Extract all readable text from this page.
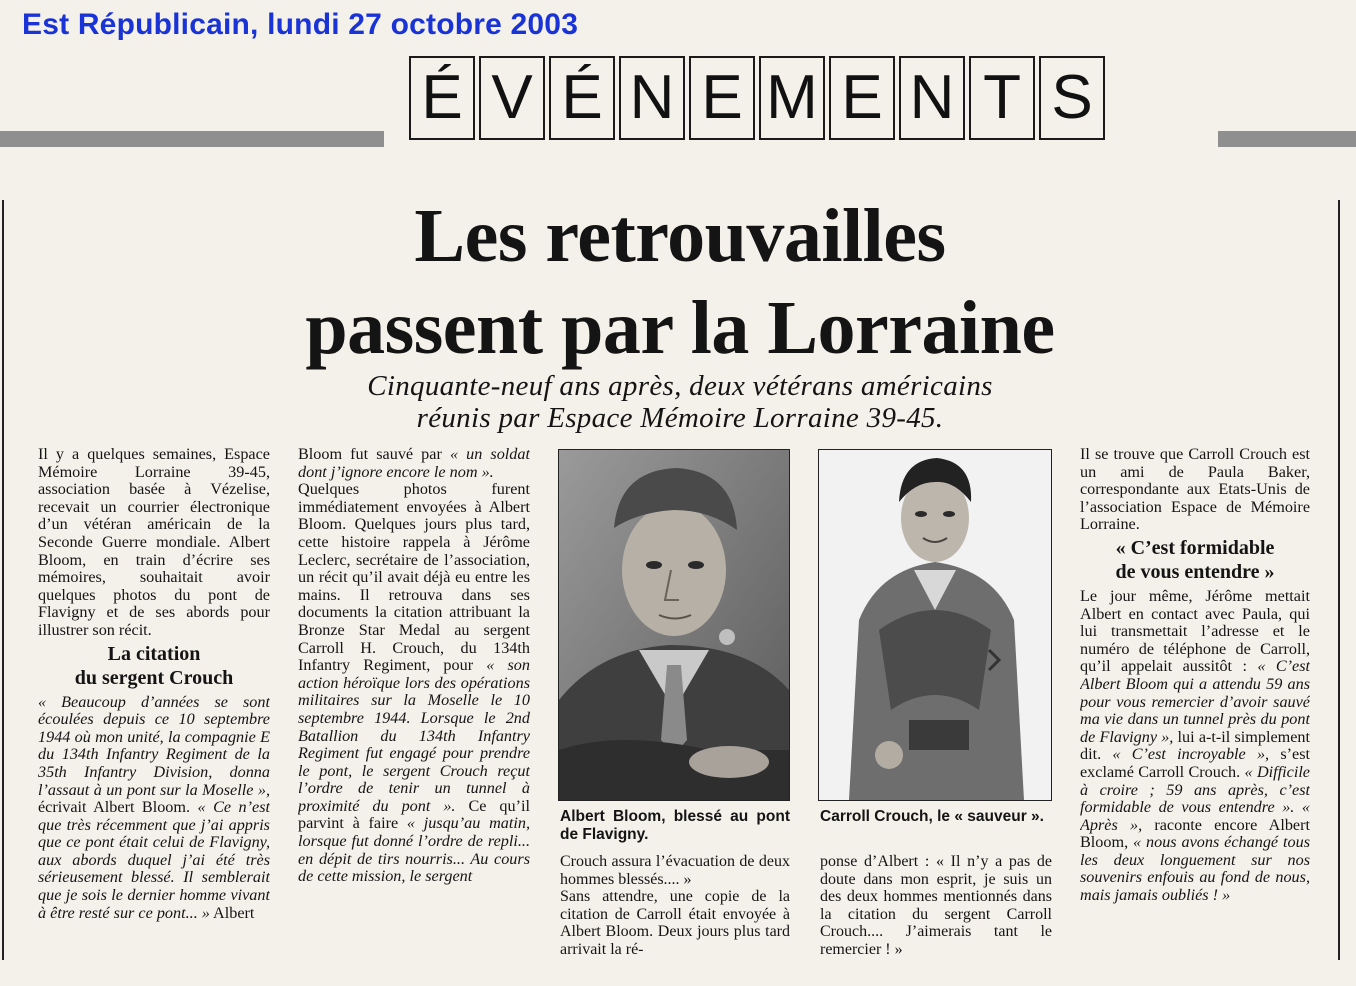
Est Républicain, lundi 27 octobre 2003
É V É N E M E N T S
Les retrouvailles
passent par la Lorraine
Cinquante-neuf ans après, deux vétérans américains
réunis par Espace Mémoire Lorraine 39-45.

Il y a quelques semaines, Espace Mémoire Lorraine 39-45, association basée à Vézelise, recevait un courrier électronique d’un vétéran américain de la Seconde Guerre mondiale. Albert Bloom, en train d’écrire ses mémoires, souhaitait avoir quelques photos du pont de Flavigny et de ses abords pour illustrer son récit.

La citation
du sergent Crouch

« Beaucoup d’années se sont écoulées depuis ce 10 septembre 1944 où mon unité, la compagnie E du 134th Infantry Regiment de la 35th Infantry Division, donna l’assaut à un pont sur la Moselle », écrivait Albert Bloom. « Ce n’est que très récemment que j’ai appris que ce pont était celui de Flavigny, aux abords duquel j’ai été très sérieusement blessé. Il semblerait que je sois le dernier homme vivant à être resté sur ce pont... » Albert

Bloom fut sauvé par « un soldat dont j’ignore encore le nom ».

Quelques photos furent immédiatement envoyées à Albert Bloom. Quelques jours plus tard, cette histoire rappela à Jérôme Leclerc, secrétaire de l’association, un récit qu’il avait déjà eu entre les mains. Il retrouva dans ses documents la citation attribuant la Bronze Star Medal au sergent Carroll H. Crouch, du 134th Infantry Regiment, pour « son action héroïque lors des opérations militaires sur la Moselle le 10 septembre 1944. Lorsque le 2nd Batallion du 134th Infantry Regiment fut engagé pour prendre le pont, le sergent Crouch reçut l’ordre de tenir un tunnel à proximité du pont ». Ce qu’il parvint à faire « jusqu’au matin, lorsque fut donné l’ordre de repli... en dépit de tirs nourris... Au cours de cette mission, le sergent

Albert Bloom, blessé au pont de Flavigny.

Crouch assura l’évacuation de deux hommes blessés.... »

Sans attendre, une copie de la citation de Carroll était envoyée à Albert Bloom. Deux jours plus tard arrivait la ré-

Carroll Crouch, le « sauveur ».

ponse d’Albert : « Il n’y a pas de doute dans mon esprit, je suis un des deux hommes mentionnés dans la citation du sergent Carroll Crouch.... J’aimerais tant le remercier ! »

Il se trouve que Carroll Crouch est un ami de Paula Baker, correspondante aux Etats-Unis de l’association Espace de Mémoire Lorraine.

« C’est formidable
de vous entendre »

Le jour même, Jérôme mettait Albert en contact avec Paula, qui lui transmettait l’adresse et le numéro de téléphone de Carroll, qu’il appelait aussitôt : « C’est Albert Bloom qui a attendu 59 ans pour vous remercier d’avoir sauvé ma vie dans un tunnel près du pont de Flavigny », lui a-t-il simplement dit. « C’est incroyable », s’est exclamé Carroll Crouch. « Difficile à croire ; 59 ans après, c’est formidable de vous entendre ». « Après », raconte encore Albert Bloom, « nous avons échangé tous les deux longuement sur nos souvenirs enfouis au fond de nous, mais jamais oubliés ! »
